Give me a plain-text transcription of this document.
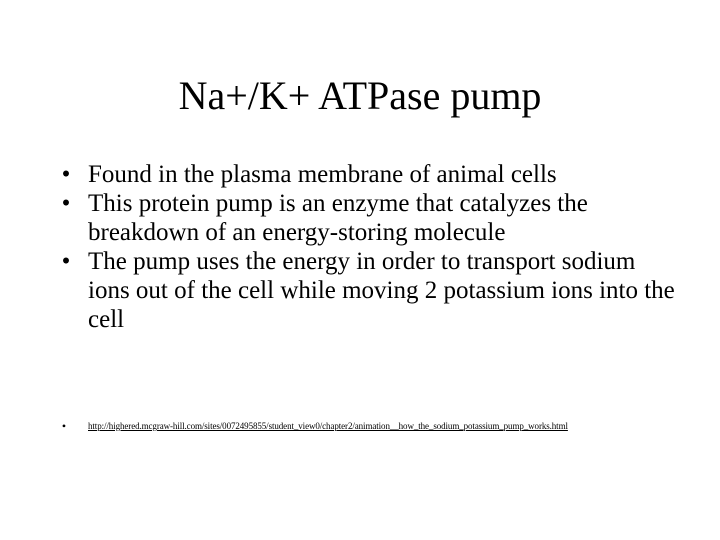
Na+/K+ ATPase pump
• Found in the plasma membrane of animal cells
• This protein pump is an enzyme that catalyzes the breakdown of an energy-storing molecule
• The pump uses the energy in order to transport sodium ions out of the cell while moving 2 potassium ions into the cell
•	http://highered.mcgraw-hill.com/sites/0072495855/student_view0/chapter2/animation__how_the_sodium_potassium_pump_works.html
